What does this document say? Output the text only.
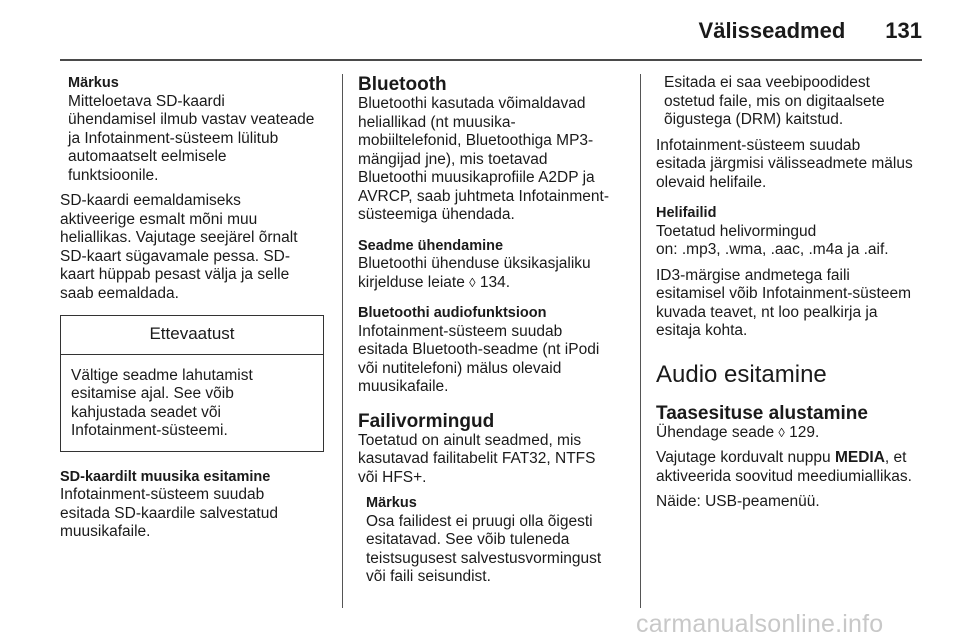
Välisseadmed 131
Märkus
Mitteloetava SD-kaardi
ühendamisel ilmub vastav veateade
ja Infotainment-süsteem lülitub
automaatselt eelmisele
funktsioonile.

SD-kaardi eemaldamiseks
aktiveerige esmalt mõni muu
heliallikas. Vajutage seejärel õrnalt
SD-kaart sügavamale pessa. SD-
kaart hüppab pesast välja ja selle
saab eemaldada.

Ettevaatust
Vältige seadme lahutamist
esitamise ajal. See võib
kahjustada seadet või
Infotainment-süsteemi.
SD-kaardilt muusika esitamine

Infotainment-süsteem suudab
esitada SD-kaardile salvestatud
muusikafaile.

Bluetooth

Bluetoothi kasutada võimaldavad
heliallikad (nt muusika-
mobiiltelefonid, Bluetoothiga MP3-
mängijad jne), mis toetavad
Bluetoothi muusikaprofiile A2DP ja
AVRCP, saab juhtmeta Infotainment-
süsteemiga ühendada.

Seadme ühendamine

Bluetoothi ühenduse üksikasjaliku
kirjelduse leiate ◊ 134.

Bluetoothi audiofunktsioon

Infotainment-süsteem suudab
esitada Bluetooth-seadme (nt iPodi
või nutitelefoni) mälus olevaid
muusikafaile.

Failivormingud

Toetatud on ainult seadmed, mis
kasutavad failitabelit FAT32, NTFS
või HFS+.

Märkus
Osa failidest ei pruugi olla õigesti
esitatavad. See võib tuleneda
teistsugusest salvestusvormingust
või faili seisundist.

Esitada ei saa veebipoodidest
ostetud faile, mis on digitaalsete
õigustega (DRM) kaitstud.

Infotainment-süsteem suudab
esitada järgmisi välisseadmete mälus
olevaid helifaile.

Helifailid

Toetatud helivormingud
on: .mp3, .wma, .aac, .m4a ja .aif.

ID3-märgise andmetega faili
esitamisel võib Infotainment-süsteem
kuvada teavet, nt loo pealkirja ja
esitaja kohta.

Audio esitamine
Taasesituse alustamine

Ühendage seade ◊ 129.

Vajutage korduvalt nuppu MEDIA, et
aktiveerida soovitud meediumiallikas.

Näide: USB-peamenüü.

carmanualsonline.info
